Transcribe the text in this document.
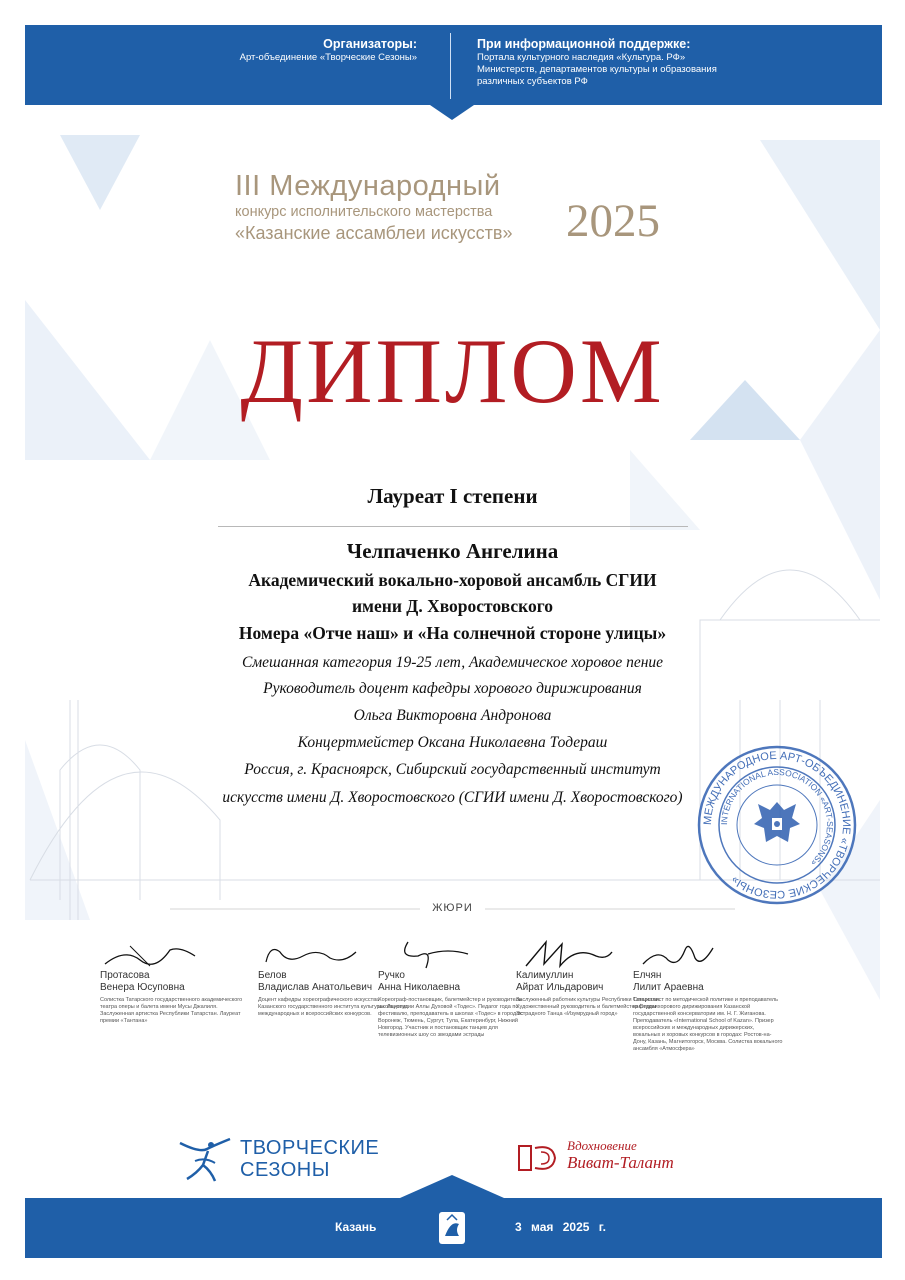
Организаторы:
Арт-объединение «Творческие Сезоны»
При информационной поддержке:
Портала культурного наследия «Культура. РФ»
Министерств, департаментов культуры и образования
различных субъектов РФ
III Международный
конкурс исполнительского мастерства
«Казанские ассамблеи искусств» 2025
ДИПЛОМ
Лауреат I степени
Челпаченко Ангелина
Академический вокально-хоровой ансамбль СГИИ
имени Д. Хворостовского
Номера «Отче наш» и «На солнечной стороне улицы»
Смешанная категория 19-25 лет, Академическое хоровое пение
Руководитель доцент кафедры хорового дирижирования
Ольга Викторовна Андронова
Концертмейстер Оксана Николаевна Тодераш
Россия, г. Красноярск, Сибирский государственный институт
искусств имени Д. Хворостовского (СГИИ имени Д. Хворостовского)
МЕЖДУНАРОДНОЕ АРТ-ОБЪЕДИНЕНИЕ «ТВОРЧЕСКИЕ СЕЗОНЫ»
INTERNATIONAL ASSOCIATION «ART-SEASONS»
ЖЮРИ
Протасова
Венера Юсуповна
Солистка Татарского государственного академического театра оперы и балета имени Мусы Джалиля. Заслуженная артистка Республики Татарстан. Лауреат премии «Тантана»
Белов
Владислав Анатольевич
Доцент кафедры хореографического искусства Казанского государственного института культуры. Лауреат международных и всероссийских конкурсов.
Ручко
Анна Николаевна
Хореограф-постановщик, балетмейстер и руководитель школы-студии Аллы Духовой «Тодес». Педагог года по фестивалю, преподаватель в школах «Тодес» в городах: Воронеж, Тюмень, Сургут, Тула, Екатеринбург, Нижний Новгород. Участник и постановщик танцев для телевизионных шоу со звездами эстрады
Калимуллин
Айрат Ильдарович
Заслуженный работник культуры Республики Татарстан. Художественный руководитель и балетмейстер Студии Эстрадного Танца «Изумрудный город»
Елчян
Лилит Араевна
Специалист по методической политике и преподаватель кафедры хорового дирижирования Казанской государственной консерватории им. Н. Г. Жиганова. Преподаватель «International School of Kazan». Призер всероссийских и международных дирижерских, вокальных и хоровых конкурсов в городах: Ростов-на-Дону, Казань, Магнитогорск, Москва. Солистка вокального ансамбля «Атмосфера»
ТВОРЧЕСКИЕ
СЕЗОНЫ
Вдохновение
Виват-Талант
Казань	3 мая 2025 г.
